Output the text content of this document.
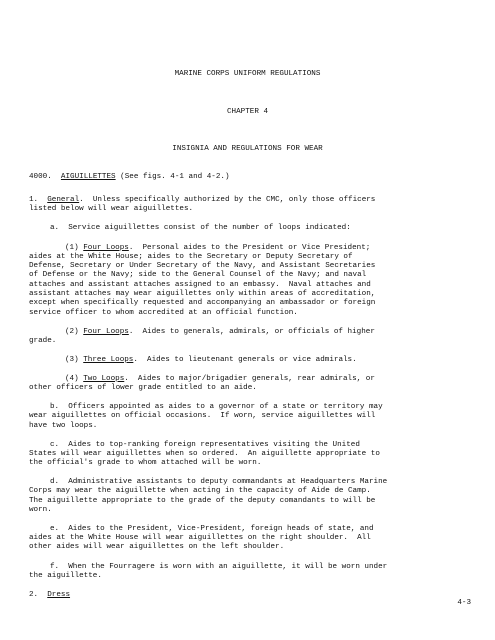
MARINE CORPS UNIFORM REGULATIONS
CHAPTER 4
INSIGNIA AND REGULATIONS FOR WEAR
4000. AIGUILLETTES (See figs. 4-1 and 4-2.)
1. General.  Unless specifically authorized by the CMC, only those officers
listed below will wear aiguillettes.
a.  Service aiguillettes consist of the number of loops indicated:
(1) Four Loops.  Personal aides to the President or Vice President;
aides at the White House; aides to the Secretary or Deputy Secretary of
Defense, Secretary or Under Secretary of the Navy, and Assistant Secretaries
of Defense or the Navy; side to the General Counsel of the Navy; and naval
attaches and assistant attaches assigned to an embassy.  Naval attaches and
assistant attaches may wear aiguillettes only within areas of accreditation,
except when specifically requested and accompanying an ambassador or foreign
service officer to whom accredited at an official function.
(2) Four Loops.  Aides to generals, admirals, or officials of higher
grade.
(3) Three Loops.  Aides to lieutenant generals or vice admirals.
(4) Two Loops.  Aides to major/brigadier generals, rear admirals, or
other officers of lower grade entitled to an aide.
b.  Officers appointed as aides to a governor of a state or territory may
wear aiguillettes on official occasions.  If worn, service aiguillettes will
have two loops.
c.  Aides to top-ranking foreign representatives visiting the United
States will wear aiguillettes when so ordered.  An aiguillette appropriate to
the official's grade to whom attached will be worn.
d.  Administrative assistants to deputy commandants at Headquarters Marine
Corps may wear the aiguillette when acting in the capacity of Aide de Camp.
The aiguillette appropriate to the grade of the deputy comandants to will be
worn.
e.  Aides to the President, Vice-President, foreign heads of state, and
aides at the White House will wear aiguillettes on the right shoulder.  All
other aides will wear aiguillettes on the left shoulder.
f.  When the Fourragere is worn with an aiguillette, it will be worn under
the aiguillette.
2.  Dress
4-3
